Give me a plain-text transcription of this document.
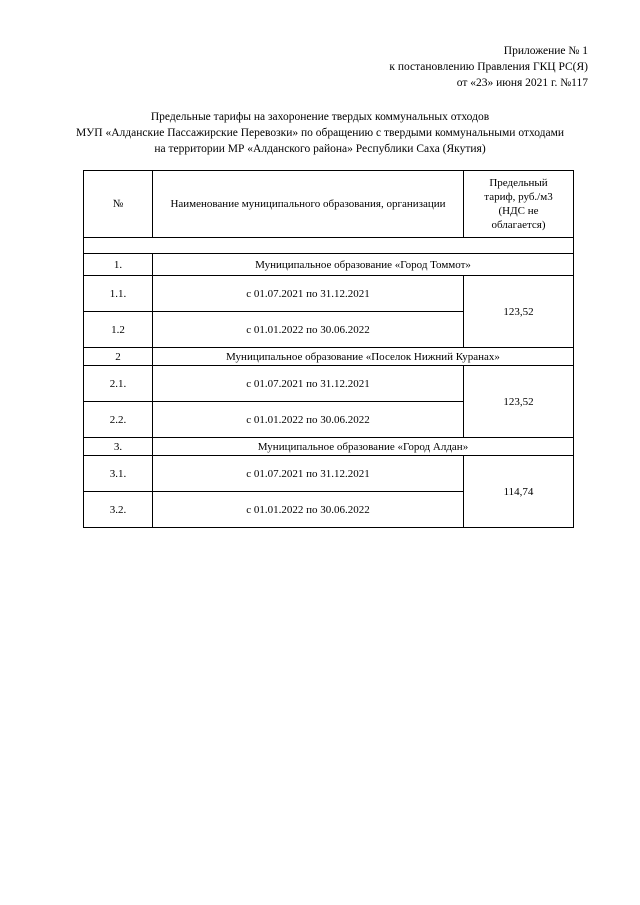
Приложение № 1
к постановлению Правления ГКЦ РС(Я)
от «23» июня 2021 г. №117
Предельные тарифы на захоронение твердых коммунальных отходов
МУП «Алданские Пассажирские Перевозки» по обращению с твердыми коммунальными отходами
на территории МР «Алданского района» Республики Саха (Якутия)
№	Наименование муниципального образования, организации	Предельный
тариф, руб./м3
(НДС не
облагается)

1.	Муниципальное образование «Город Томмот»	
1.1.	с 01.07.2021 по 31.12.2021	123,52
1.2	с 01.01.2022 по 30.06.2022	
2	Муниципальное образование «Поселок Нижний Куранах»	
2.1.	с 01.07.2021 по 31.12.2021	123,52
2.2.	с 01.01.2022 по 30.06.2022	
3.	Муниципальное образование «Город Алдан»	
3.1.	с 01.07.2021 по 31.12.2021	114,74
3.2.	с 01.01.2022 по 30.06.2022	
